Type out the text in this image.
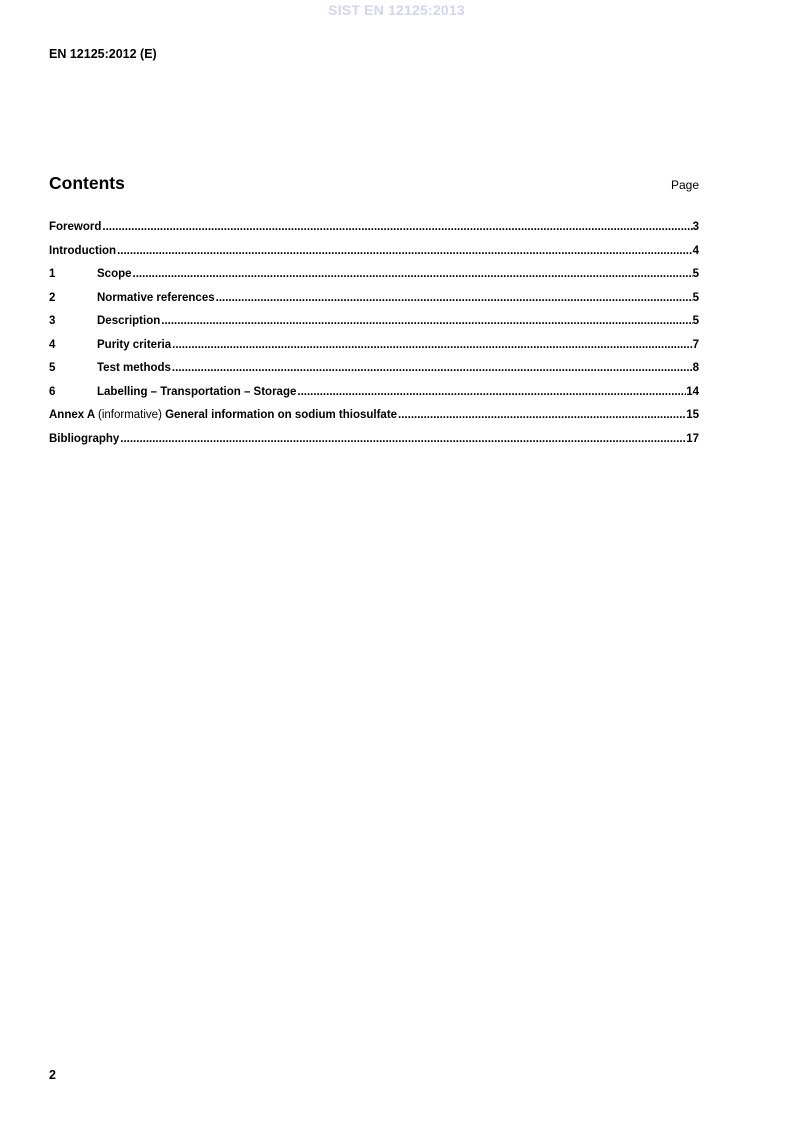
SIST EN 12125:2013
EN 12125:2012 (E)
Contents	Page
Foreword .....	3
Introduction .....	4
1	Scope .....	5
2	Normative references .....	5
3	Description .....	5
4	Purity criteria .....	7
5	Test methods .....	8
6	Labelling – Transportation – Storage .....	14
Annex A (informative) General information on sodium thiosulfate .....	15
Bibliography .....	17
2
